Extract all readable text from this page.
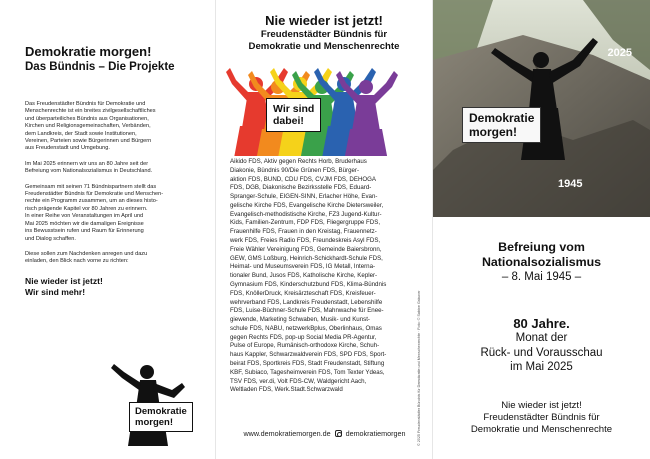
Demokratie morgen!
Das Bündnis – Die Projekte

Das Freudenstädter Bündnis für Demokratie und
Menschenrechte ist ein breites zivilgesellschaftliches
und überparteiliches Bündnis aus Organisationen,
Kirchen und Religionsgemeinschaften, Verbänden,
dem Landkreis, der Stadt sowie Institutionen,
Vereinen, Parteien sowie Bürgerinnen und Bürgern
aus Freudenstadt und Umgebung.

Im Mai 2025 erinnern wir uns an 80 Jahre seit der
Befreiung vom Nationalsozialismus in Deutschland.

Gemeinsam mit seinen 71 Bündnispartnern stellt das
Freudenstädter Bündnis für Demokratie und Menschen-
rechte ein Programm zusammen, um an dieses histo-
risch prägende Kapitel vor 80 Jahren zu erinnern.
In einer Reihe von Veranstaltungen im April und
Mai 2025 möchten wir die damaligen Ereignisse
ins Bewusstsein rufen und Raum für Erinnerung
und Dialog schaffen.

Diese sollen zum Nachdenken anregen und dazu
einladen, den Blick nach vorne zu richten:

Nie wieder ist jetzt!
Wir sind mehr!

Demokratie
morgen!
Nie wieder ist jetzt!
Freudenstädter Bündnis für
Demokratie und Menschenrechte
Wir sind
dabei!
Aikido FDS, Aktiv gegen Rechts Horb, Bruderhaus
Diakonie, Bündnis 90/Die Grünen FDS, Bürger-
aktion FDS, BUND, CDU FDS, CVJM FDS, DEHOGA
FDS, DGB, Diakonische Bezirksstelle FDS, Eduard-
Spranger-Schule, EIGEN-SINN, Erlacher Höhe, Evan-
gelische Kirche FDS, Evangelische Kirche Dietersweiler,
Evangelisch-methodistische Kirche, FZ3 Jugend-Kultur-
Kids, Familien-Zentrum, FDP FDS, Fliegergruppe FDS,
Frauenhilfe FDS, Frauen in den Kreistag, Frauennetz-
werk FDS, Freies Radio FDS, Freundeskreis Asyl FDS,
Freie Wähler Vereinigung FDS, Gemeinde Baiersbronn,
GEW, GMS Loßburg, Heinrich-Schickhardt-Schule FDS,
Heimat- und Museumsverein FDS, IG Metall, Interna-
tionaler Bund, Jusos FDS, Katholische Kirche, Kepler-
Gymnasium FDS, Kinderschutzbund FDS, Klima-Bündnis
FDS, KnöllerDruck, Kreisärzteschaft FDS, Kreisfeuer-
wehrverband FDS, Landkreis Freudenstadt, Lebenshilfe
FDS, Luise-Büchner-Schule FDS, Mahnwache für Enee-
giewende, Marketing Schwaben, Musik- und Kunst-
schule FDS, NABU, netzwerkBplus, Oberlinhaus, Omas
gegen Rechts FDS, pop-up Social Media PR-Agentur,
Pulse of Europe, Rumänisch-orthodoxe Kirche, Schuh-
haus Kappler, Schwarzwaldverein FDS, SPD FDS, Sport-
beirat FDS, Sportkreis FDS, Stadt Freudenstadt, Stiftung
KBF, Subiaco, Tagesheimverein FDS, Tom Texter Ydeas,
TSV FDS, ver.di, Volt FDS-CW, Waldgericht Aach,
Weltladen FDS, Werk.Stadt.Schwarzwald
www.demokratiemorgen.de demokratiemorgen
2025
1945
Demokratie
morgen!
Befreiung vom
Nationalsozialismus
– 8. Mai 1945 –
80 Jahre.
Monat der
Rück- und Vorausschau
im Mai 2025
Nie wieder ist jetzt!
Freudenstädter Bündnis für
Demokratie und Menschenrechte
© 2025 Freudenstädter Bündnis für Demokratie und Menschenrechte · Foto: © Sabine Gräuner
